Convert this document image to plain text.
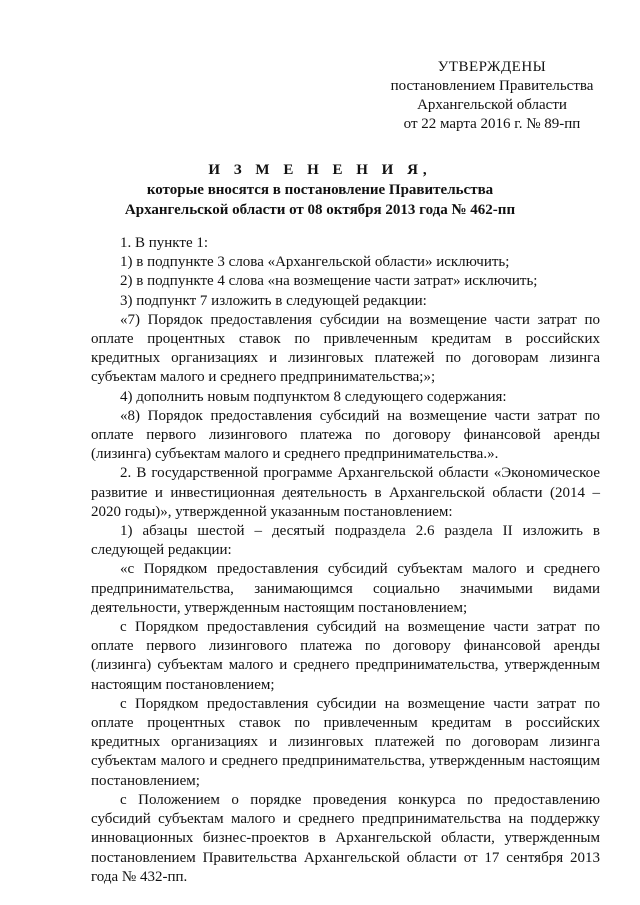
УТВЕРЖДЕНЫ
постановлением Правительства
Архангельской области
от 22 марта 2016 г. № 89-пп
И З М Е Н Е Н И Я,
которые вносятся в постановление Правительства
Архангельской области от 08 октября 2013 года № 462-пп

1. В пункте 1:

1) в подпункте 3 слова «Архангельской области» исключить;

2) в подпункте 4 слова «на возмещение части затрат» исключить;

3) подпункт 7 изложить в следующей редакции:

«7) Порядок предоставления субсидии на возмещение части затрат по оплате процентных ставок по привлеченным кредитам в российских кредитных организациях и лизинговых платежей по договорам лизинга субъектам малого и среднего предпринимательства;»;

4) дополнить новым подпунктом 8 следующего содержания:

«8) Порядок предоставления субсидий на возмещение части затрат по оплате первого лизингового платежа по договору финансовой аренды (лизинга) субъектам малого и среднего предпринимательства.».

2. В государственной программе Архангельской области «Экономическое развитие и инвестиционная деятельность в Архангельской области (2014 – 2020 годы)», утвержденной указанным постановлением:

1) абзацы шестой – десятый подраздела 2.6 раздела II изложить в следующей редакции:

«с Порядком предоставления субсидий субъектам малого и среднего предпринимательства, занимающимся социально значимыми видами деятельности, утвержденным настоящим постановлением;

с Порядком предоставления субсидий на возмещение части затрат по оплате первого лизингового платежа по договору финансовой аренды (лизинга) субъектам малого и среднего предпринимательства, утвержденным настоящим постановлением;

с Порядком предоставления субсидии на возмещение части затрат по оплате процентных ставок по привлеченным кредитам в российских кредитных организациях и лизинговых платежей по договорам лизинга субъектам малого и среднего предпринимательства, утвержденным настоящим постановлением;

с Положением о порядке проведения конкурса по предоставлению субсидий субъектам малого и среднего предпринимательства на поддержку инновационных бизнес-проектов в Архангельской области, утвержденным постановлением Правительства Архангельской области от 17 сентября 2013 года № 432-пп.
